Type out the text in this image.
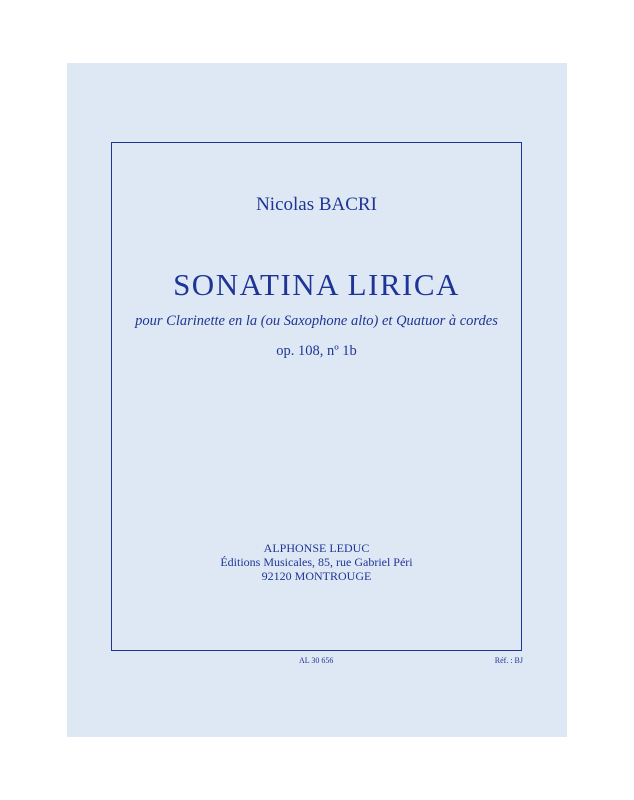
Nicolas BACRI
SONATINA LIRICA
pour Clarinette en la (ou Saxophone alto) et Quatuor à cordes
op. 108, nº 1b
ALPHONSE LEDUC
Éditions Musicales, 85, rue Gabriel Péri
92120 MONTROUGE
AL 30 656	Réf. : BJ
